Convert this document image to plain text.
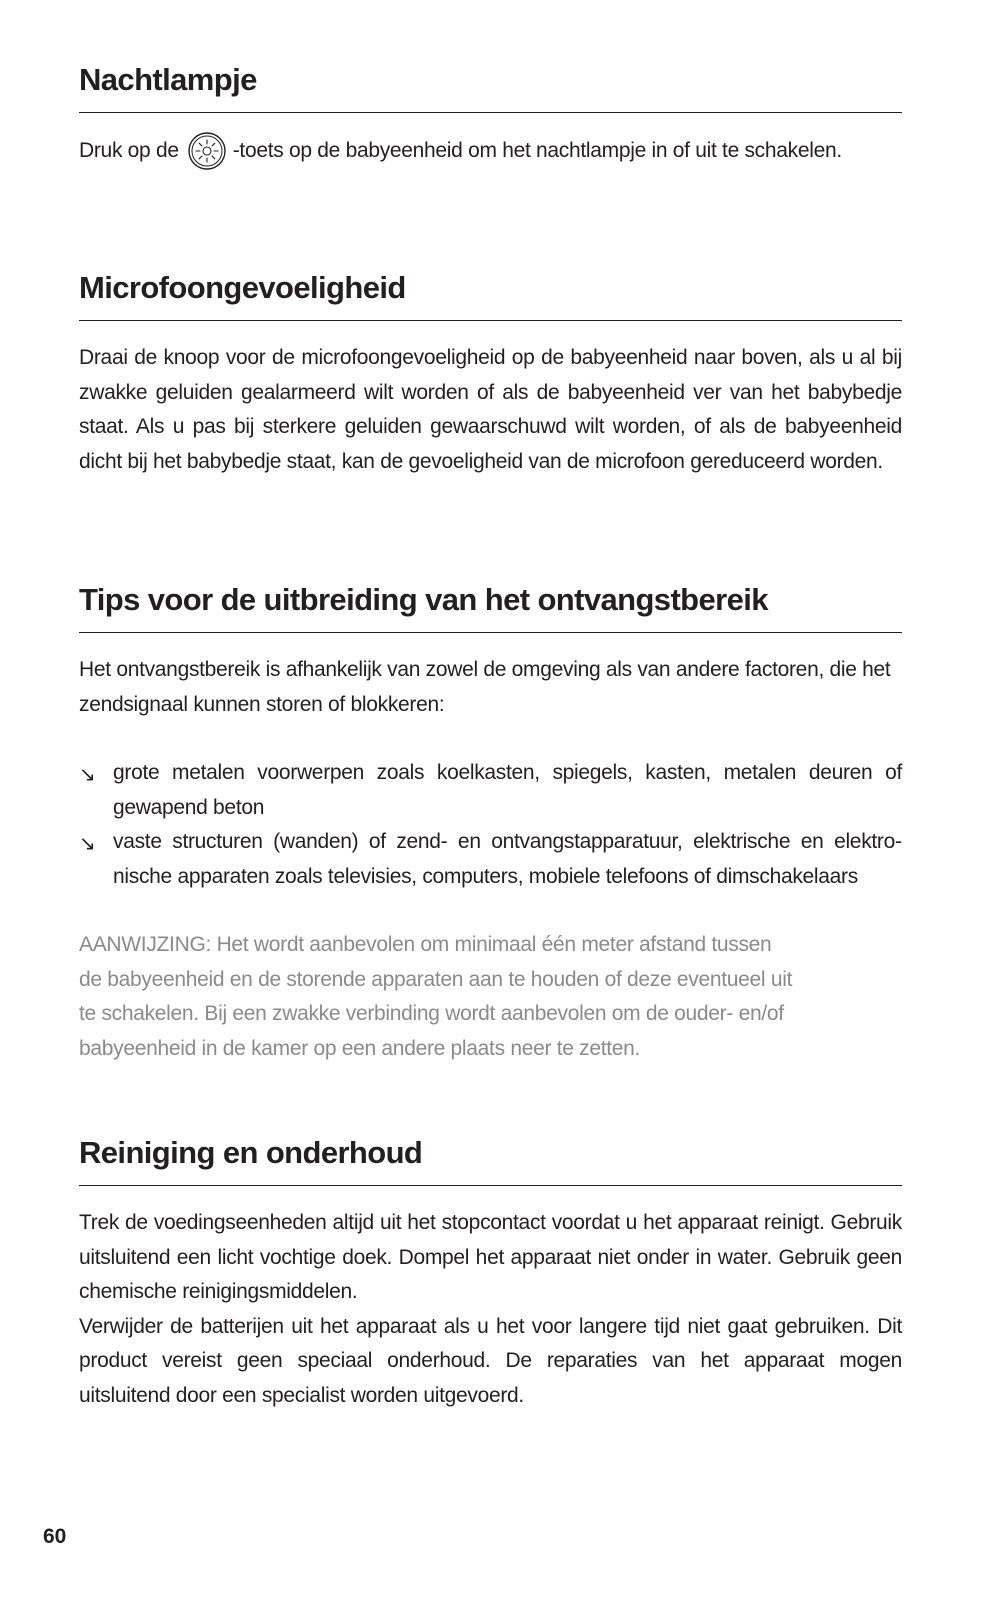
Nachtlampje
Druk op de	-toets op de babyeenheid om het nachtlampje in of uit te schakelen.
Microfoongevoeligheid

Draai de knoop voor de microfoongevoeligheid op de babyeenheid naar boven, als u al bij zwakke geluiden gealarmeerd wilt worden of als de babyeenheid ver van het babybedje staat. Als u pas bij sterkere geluiden gewaarschuwd wilt worden, of als de babyeenheid dicht bij het babybedje staat, kan de gevoeligheid van de microfoon gereduceerd worden.

Tips voor de uitbreiding van het ontvangstbereik

Het ontvangstbereik is afhankelijk van zowel de omgeving als van andere factoren, die het zendsignaal kunnen storen of blokkeren:

↘ grote metalen voorwerpen zoals koelkasten, spiegels, kasten, metalen deuren of gewapend beton
↘ vaste structuren (wanden) of zend- en ontvangstapparatuur, elektrische en elektronische apparaten zoals televisies, computers, mobiele telefoons of dimschakelaars
AANWIJZING: Het wordt aanbevolen om minimaal één meter afstand tussen
de babyeenheid en de storende apparaten aan te houden of deze eventueel uit
te schakelen. Bij een zwakke verbinding wordt aanbevolen om de ouder- en/of
babyeenheid in de kamer op een andere plaats neer te zetten.
Reiniging en onderhoud

Trek de voedingseenheden altijd uit het stopcontact voordat u het apparaat reinigt. Gebruik uitsluitend een licht vochtige doek. Dompel het apparaat niet onder in water. Gebruik geen chemische reinigingsmiddelen.

Verwijder de batterijen uit het apparaat als u het voor langere tijd niet gaat gebruiken. Dit product vereist geen speciaal onderhoud. De reparaties van het apparaat mogen uitsluitend door een specialist worden uitgevoerd.

60
